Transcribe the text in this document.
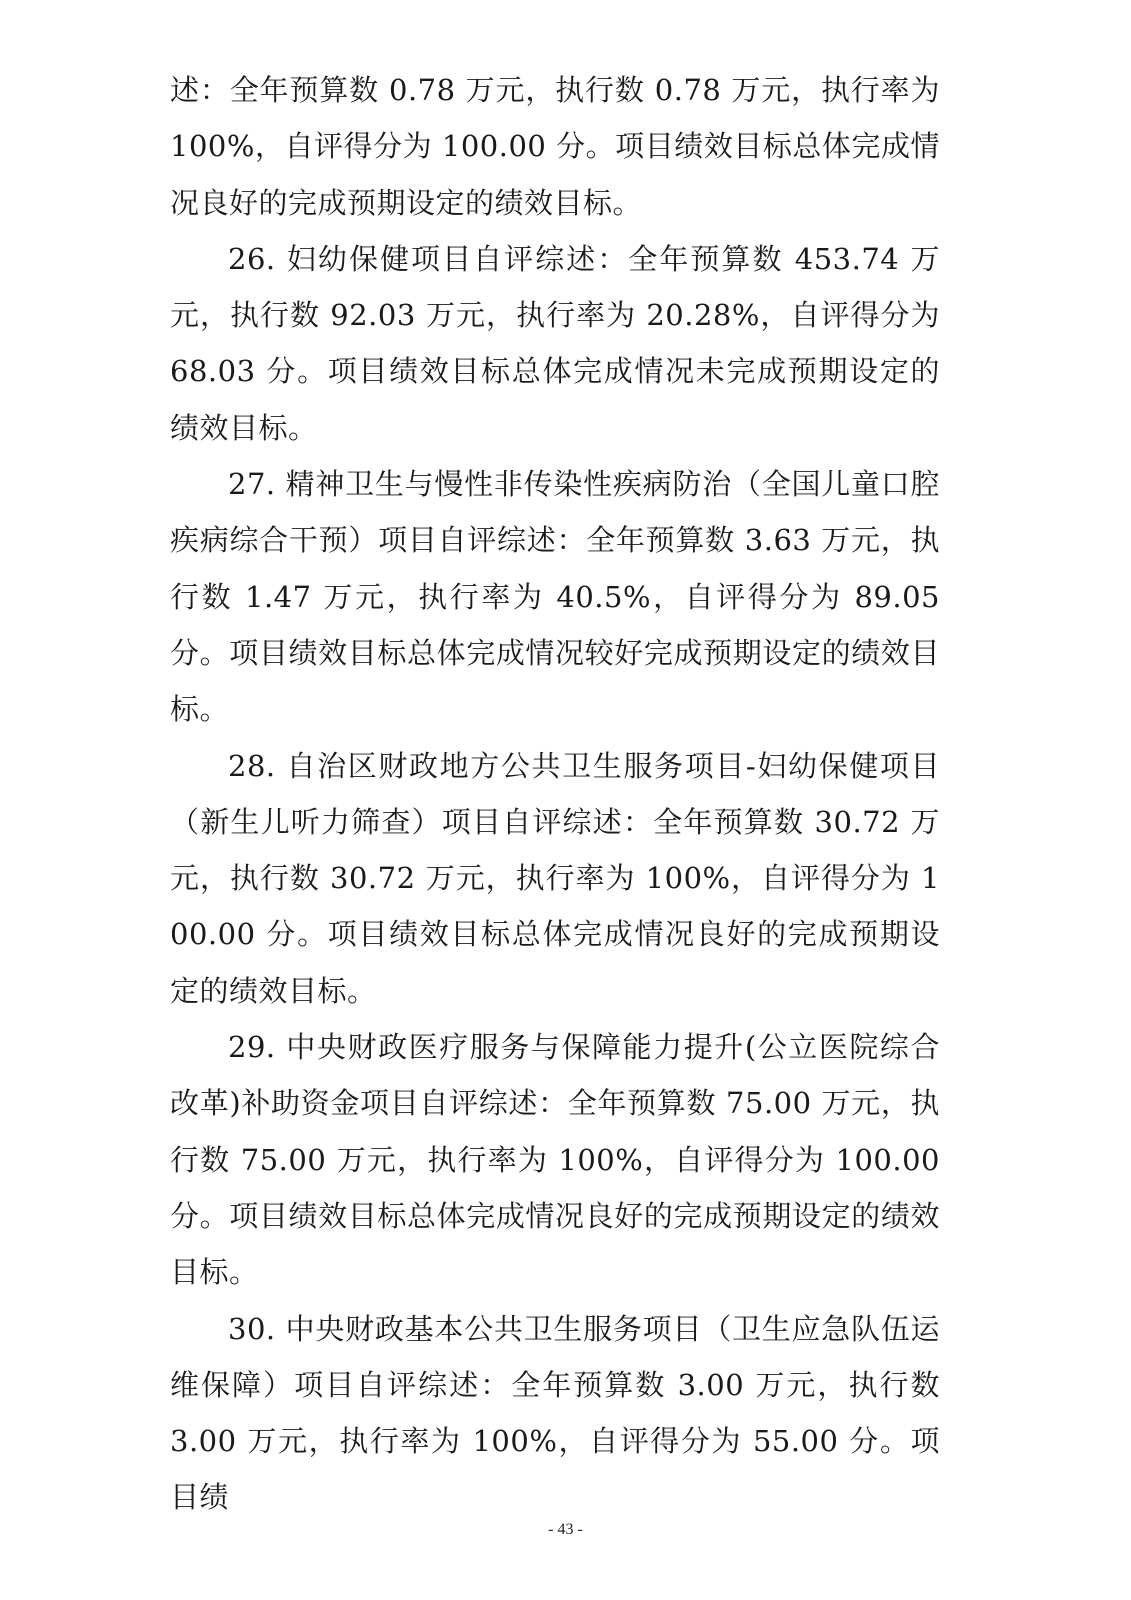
述：全年预算数 0.78 万元，执行数 0.78 万元，执行率为 100%，自评得分为 100.00 分。项目绩效目标总体完成情况良好的完成预期设定的绩效目标。

26. 妇幼保健项目自评综述：全年预算数 453.74 万元，执行数 92.03 万元，执行率为 20.28%，自评得分为 68.03 分。项目绩效目标总体完成情况未完成预期设定的绩效目标。

27. 精神卫生与慢性非传染性疾病防治（全国儿童口腔疾病综合干预）项目自评综述：全年预算数 3.63 万元，执行数 1.47 万元，执行率为 40.5%，自评得分为 89.05 分。项目绩效目标总体完成情况较好完成预期设定的绩效目标。

28. 自治区财政地方公共卫生服务项目-妇幼保健项目（新生儿听力筛查）项目自评综述：全年预算数 30.72 万元，执行数 30.72 万元，执行率为 100%，自评得分为 100.00 分。项目绩效目标总体完成情况良好的完成预期设定的绩效目标。

29. 中央财政医疗服务与保障能力提升(公立医院综合改革)补助资金项目自评综述：全年预算数 75.00 万元，执行数 75.00 万元，执行率为 100%，自评得分为 100.00 分。项目绩效目标总体完成情况良好的完成预期设定的绩效目标。

30. 中央财政基本公共卫生服务项目（卫生应急队伍运维保障）项目自评综述：全年预算数 3.00 万元，执行数 3.00 万元，执行率为 100%，自评得分为 55.00 分。项目绩

- 43 -
